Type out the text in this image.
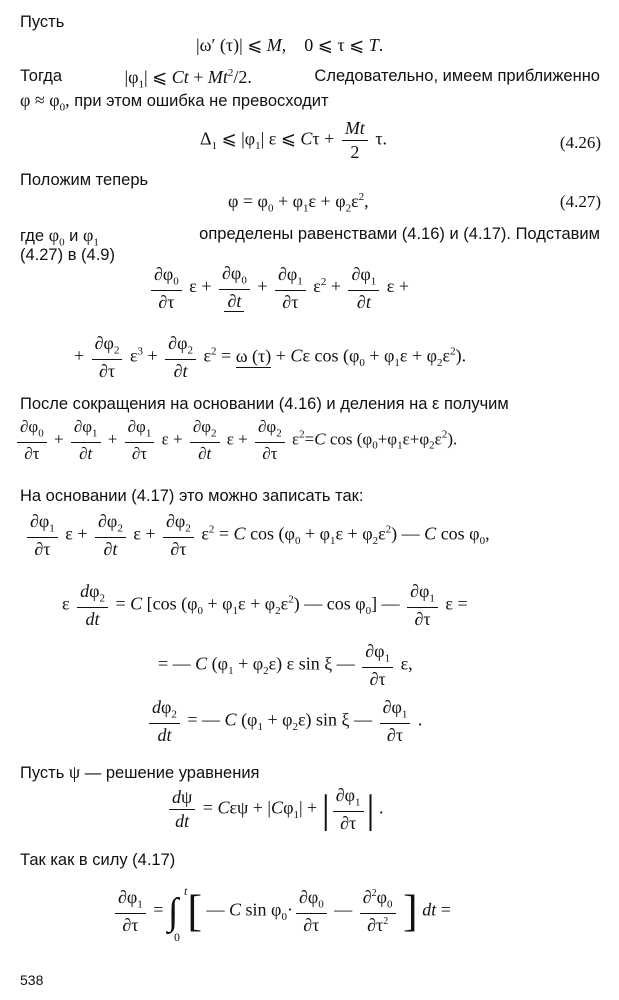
Пусть
|ω′ (τ)| ⩽ M,    0 ⩽ τ ⩽ T.
Тогда	$|\varphi_1|$ ⩽ $Ct + Mt^2/2$.	Следовательно, имеем приближенно
$\varphi \approx \varphi_0$, при этом ошибка не превосходит
$\Delta_1$ ⩽ $|\varphi_1|$ ε ⩽ $C\tau + \frac{Mt}{2} \tau$.	(4.26)
Положим теперь
$\varphi = \varphi_0 + \varphi_1\varepsilon + \varphi_2\varepsilon^2$,	(4.27)
где $\varphi_0$ и $\varphi_1$	определены равенствами (4.16) и (4.17). Подставим
(4.27) в (4.9)
$\frac{\partial\varphi_0}{\partial\tau}$ $\varepsilon + \frac{\partial\varphi_0}{\partial t} + \frac{\partial\varphi_1}{\partial\tau} \varepsilon^2 + \frac{\partial\varphi_1}{\partial t}$ ε +
+ $\frac{\partial\varphi_2}{\partial\tau} \varepsilon^3 + \frac{\partial\varphi_2}{\partial t} \varepsilon^2 = \omega$ (τ) + Cε $\cos (\varphi_0 + \varphi_1\varepsilon + \varphi_2\varepsilon^2)$.
После сокращения на основании (4.16) и деления на ε получим
$\frac{\partial\varphi_0}{\partial\tau} + \frac{\partial\varphi_1}{\partial t} + \frac{\partial\varphi_1}{\partial\tau}$ $\varepsilon + \frac{\partial\varphi_2}{\partial t}$ $\varepsilon + \frac{\partial\varphi_2}{\partial\tau} \varepsilon^2=C$ $\cos (\varphi_0+\varphi_1\varepsilon+\varphi_2\varepsilon^2)$.
На основании (4.17) это можно записать так:
$\frac{\partial\varphi_1}{\partial\tau}$ $\varepsilon + \frac{\partial\varphi_2}{\partial t}$ $\varepsilon + \frac{\partial\varphi_2}{\partial\tau} \varepsilon^2 = C$ $\cos (\varphi_0 + \varphi_1\varepsilon + \varphi_2\varepsilon^2)$ — C $\cos \varphi_0$,
ε $\frac{d\varphi_2}{dt} = C$ [cos $(\varphi_0 + \varphi_1\varepsilon + \varphi_2\varepsilon^2)$ — $\cos \varphi_0$] — $\frac{\partial\varphi_1}{\partial\tau}$ ε =
= — C $(\varphi_1 + \varphi_2\varepsilon)$ ε sin ξ — $\frac{\partial\varphi_1}{\partial\tau} \varepsilon$,
$\frac{d\varphi_2}{dt}$ = — C $(\varphi_1 + \varphi_2\varepsilon)$ sin ξ — $\frac{\partial\varphi_1}{\partial\tau}$ .
Пусть ψ — решение уравнения
$\frac{d\psi}{dt} = C\varepsilon\psi + |C\varphi_1|$ + | $\frac{\partial\varphi_1}{\partial\tau}$ | .
Так как в силу (4.17)
$\frac{\partial\varphi_1}{\partial\tau}$ = ∫ t
0
[ — C $\sin \varphi_0\cdot \frac{\partial\varphi_0}{\partial\tau}$ — $\frac{\partial^2\varphi_0}{\partial\tau^2}$ ] dt =
538
